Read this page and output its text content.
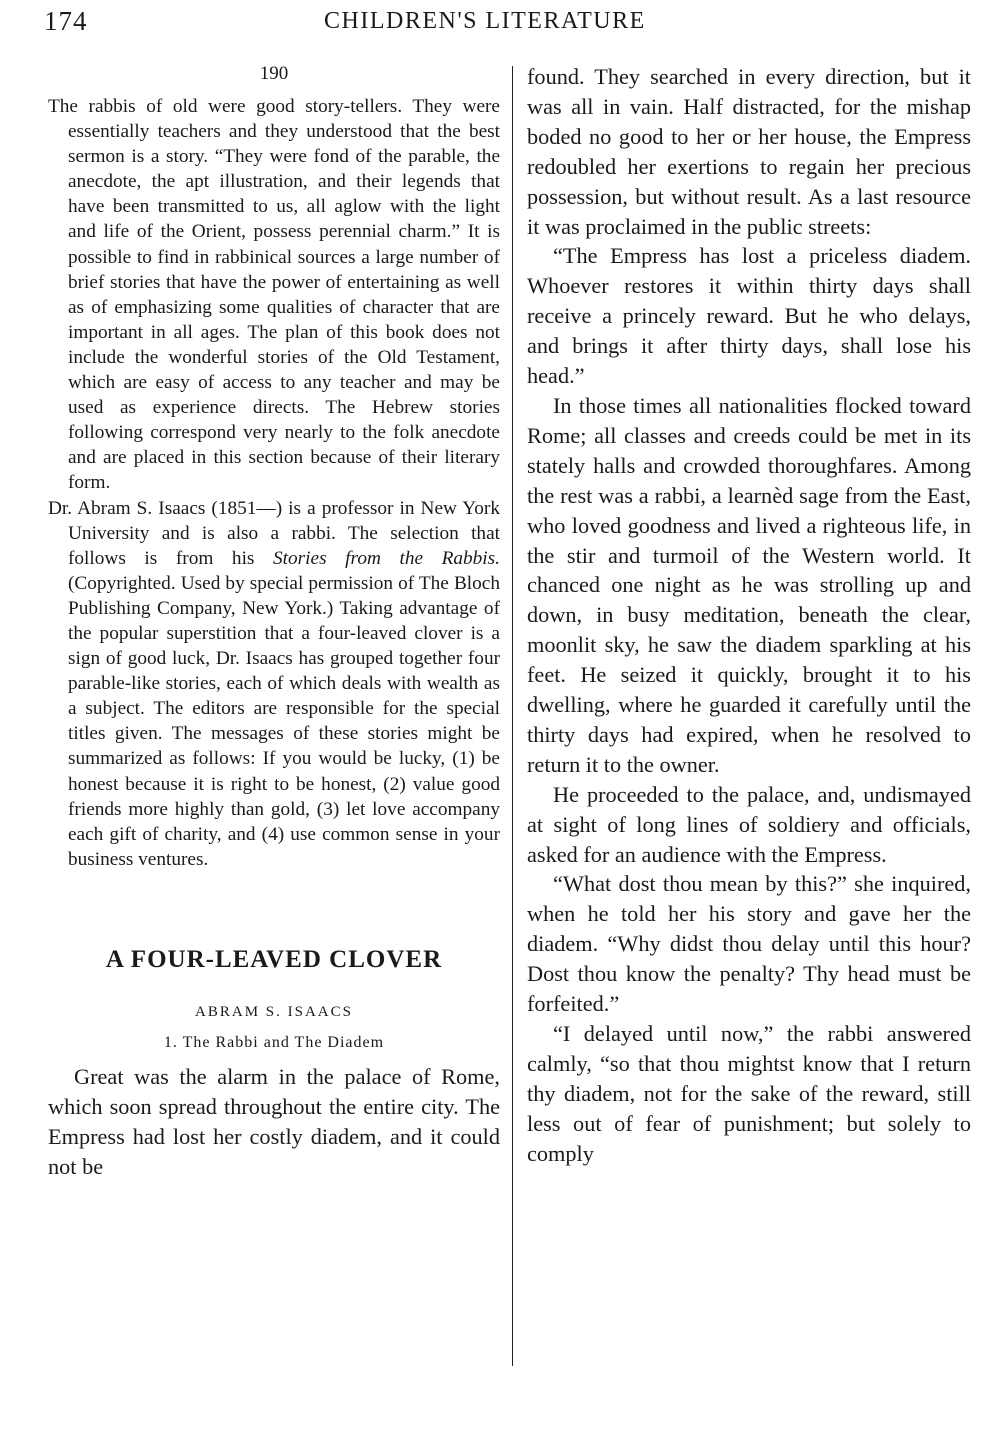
174	CHILDREN'S LITERATURE

190

The rabbis of old were good story-tellers. They were essentially teachers and they understood that the best sermon is a story. “They were fond of the parable, the anecdote, the apt illustration, and their legends that have been transmitted to us, all aglow with the light and life of the Orient, possess perennial charm.” It is possible to find in rabbinical sources a large number of brief stories that have the power of entertaining as well as of emphasizing some qualities of character that are important in all ages. The plan of this book does not include the wonderful stories of the Old Testament, which are easy of access to any teacher and may be used as experience directs. The Hebrew stories following correspond very nearly to the folk anecdote and are placed in this section because of their literary form.

Dr. Abram S. Isaacs (1851—) is a professor in New York University and is also a rabbi. The selection that follows is from his Stories from the Rabbis. (Copyrighted. Used by special permission of The Bloch Publishing Company, New York.) Taking advantage of the popular superstition that a four-leaved clover is a sign of good luck, Dr. Isaacs has grouped together four parable-like stories, each of which deals with wealth as a subject. The editors are responsible for the special titles given. The messages of these stories might be summarized as follows: If you would be lucky, (1) be honest because it is right to be honest, (2) value good friends more highly than gold, (3) let love accompany each gift of charity, and (4) use common sense in your business ventures.

A FOUR-LEAVED CLOVER

ABRAM S. ISAACS

1. The Rabbi and The Diadem

Great was the alarm in the palace of Rome, which soon spread throughout the entire city. The Empress had lost her costly diadem, and it could not be

found. They searched in every direction, but it was all in vain. Half distracted, for the mishap boded no good to her or her house, the Empress redoubled her exertions to regain her precious possession, but without result. As a last resource it was proclaimed in the public streets:

“The Empress has lost a priceless diadem. Whoever restores it within thirty days shall receive a princely reward. But he who delays, and brings it after thirty days, shall lose his head.”

In those times all nationalities flocked toward Rome; all classes and creeds could be met in its stately halls and crowded thoroughfares. Among the rest was a rabbi, a learnèd sage from the East, who loved goodness and lived a righteous life, in the stir and turmoil of the Western world. It chanced one night as he was strolling up and down, in busy meditation, beneath the clear, moonlit sky, he saw the diadem sparkling at his feet. He seized it quickly, brought it to his dwelling, where he guarded it carefully until the thirty days had expired, when he resolved to return it to the owner.

He proceeded to the palace, and, undismayed at sight of long lines of soldiery and officials, asked for an audience with the Empress.

“What dost thou mean by this?” she inquired, when he told her his story and gave her the diadem. “Why didst thou delay until this hour? Dost thou know the penalty? Thy head must be forfeited.”

“I delayed until now,” the rabbi answered calmly, “so that thou mightst know that I return thy diadem, not for the sake of the reward, still less out of fear of punishment; but solely to comply
